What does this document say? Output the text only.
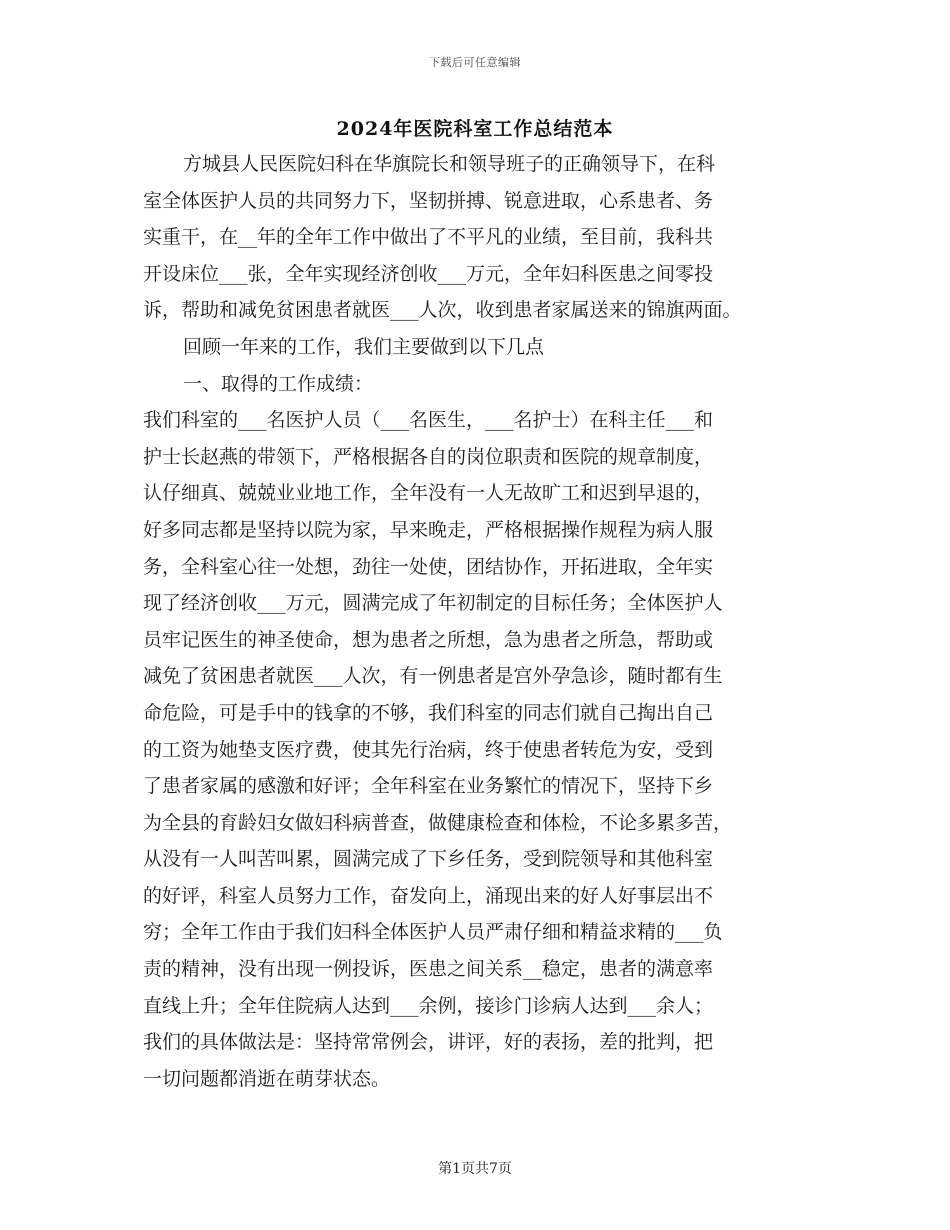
下载后可任意编辑
2024年医院科室工作总结范本
方城县人民医院妇科在华旗院长和领导班子的正确领导下，在科
室全体医护人员的共同努力下，坚韧拼搏、锐意进取，心系患者、务
实重干，在__年的全年工作中做出了不平凡的业绩，至目前，我科共
开设床位___张，全年实现经济创收___万元，全年妇科医患之间零投
诉，帮助和减免贫困患者就医___人次，收到患者家属送来的锦旗两面。
回顾一年来的工作，我们主要做到以下几点
一、取得的工作成绩：
我们科室的___名医护人员（___名医生，___名护士）在科主任___和
护士长赵燕的带领下，严格根据各自的岗位职责和医院的规章制度，
认仔细真、兢兢业业地工作，全年没有一人无故旷工和迟到早退的，
好多同志都是坚持以院为家，早来晚走，严格根据操作规程为病人服
务，全科室心往一处想，劲往一处使，团结协作，开拓进取，全年实
现了经济创收___万元，圆满完成了年初制定的目标任务；全体医护人
员牢记医生的神圣使命，想为患者之所想，急为患者之所急，帮助或
减免了贫困患者就医___人次，有一例患者是宫外孕急诊，随时都有生
命危险，可是手中的钱拿的不够，我们科室的同志们就自己掏出自己
的工资为她垫支医疗费，使其先行治病，终于使患者转危为安，受到
了患者家属的感激和好评；全年科室在业务繁忙的情况下，坚持下乡
为全县的育龄妇女做妇科病普查，做健康检查和体检，不论多累多苦，
从没有一人叫苦叫累，圆满完成了下乡任务，受到院领导和其他科室
的好评，科室人员努力工作，奋发向上，涌现出来的好人好事层出不
穷；全年工作由于我们妇科全体医护人员严肃仔细和精益求精的___负
责的精神，没有出现一例投诉，医患之间关系__稳定，患者的满意率
直线上升；全年住院病人达到___余例，接诊门诊病人达到___余人；
我们的具体做法是：坚持常常例会，讲评，好的表扬，差的批判，把
一切问题都消逝在萌芽状态。
第1页共7页
